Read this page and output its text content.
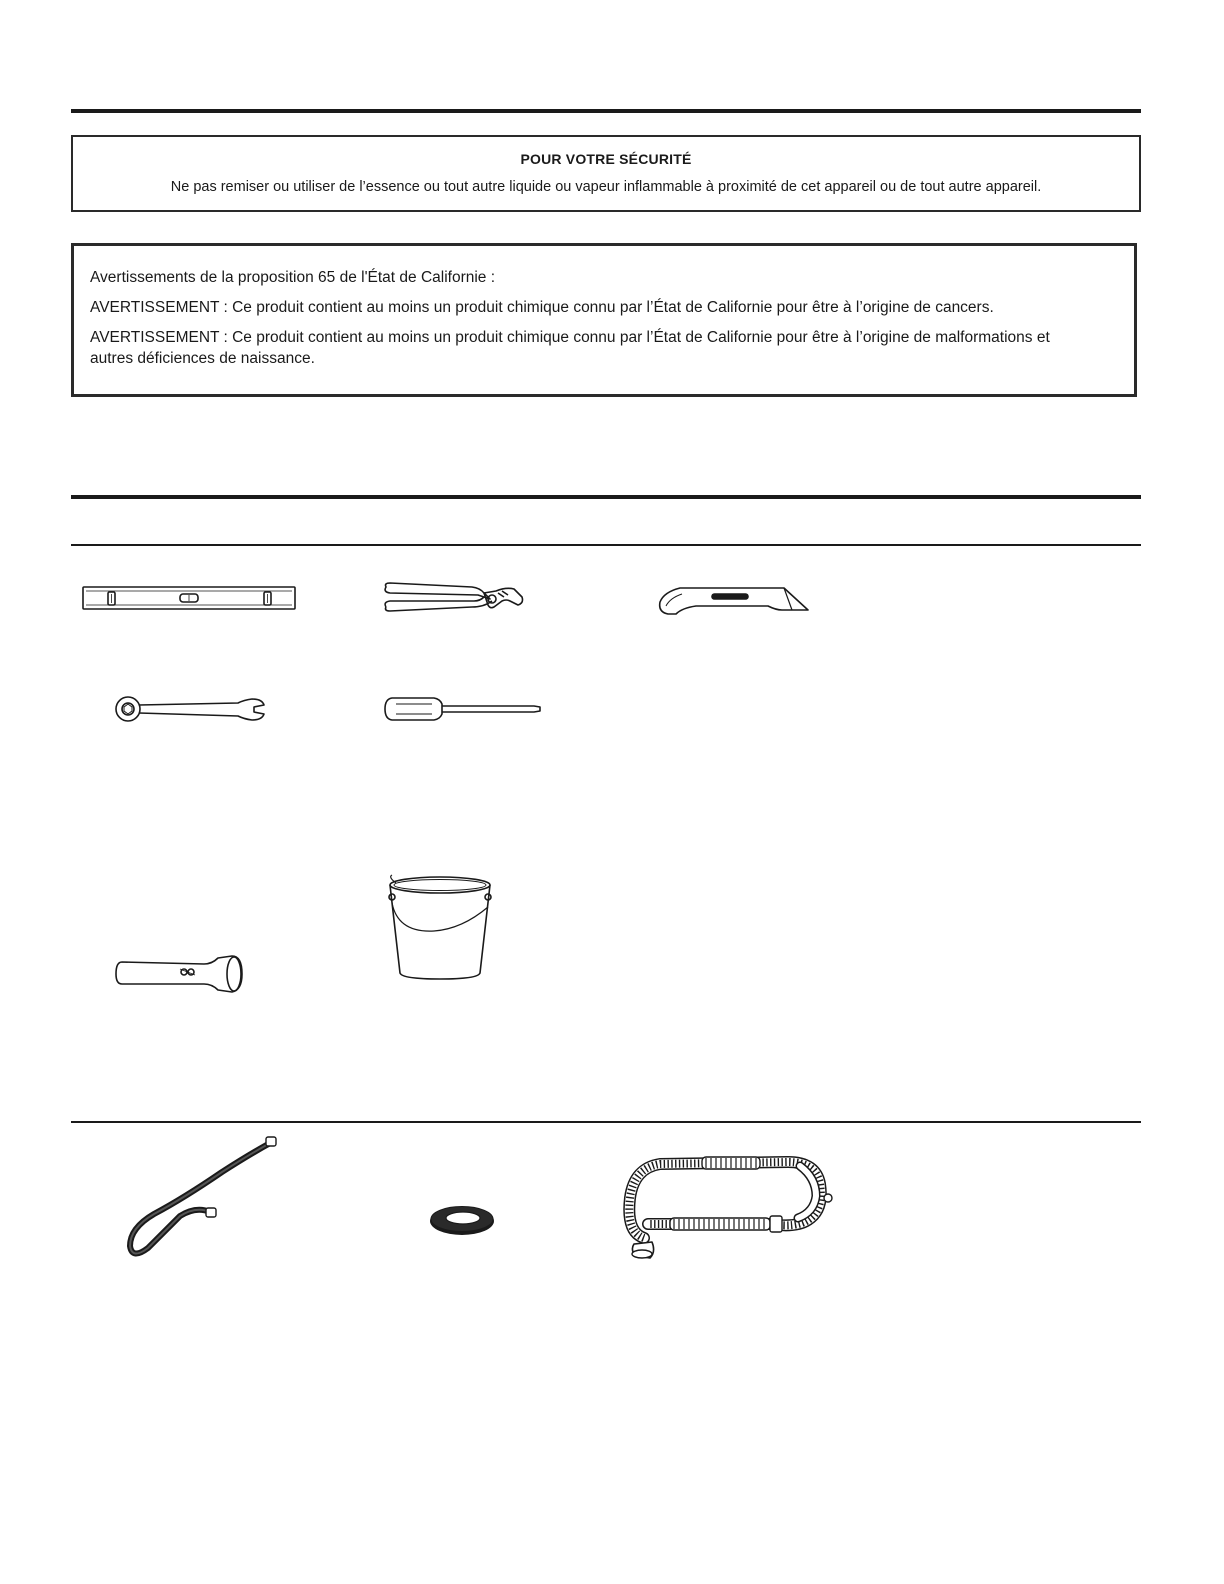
POUR VOTRE SÉCURITÉ
Ne pas remiser ou utiliser de l’essence ou tout autre liquide ou vapeur inflammable à proximité de cet appareil ou de tout autre appareil.

Avertissements de la proposition 65 de l'État de Californie :

AVERTISSEMENT : Ce produit contient au moins un produit chimique connu par l’État de Californie pour être à l’origine de cancers.

AVERTISSEMENT : Ce produit contient au moins un produit chimique connu par l’État de Californie pour être à l’origine de malformations et autres déficiences de naissance.
